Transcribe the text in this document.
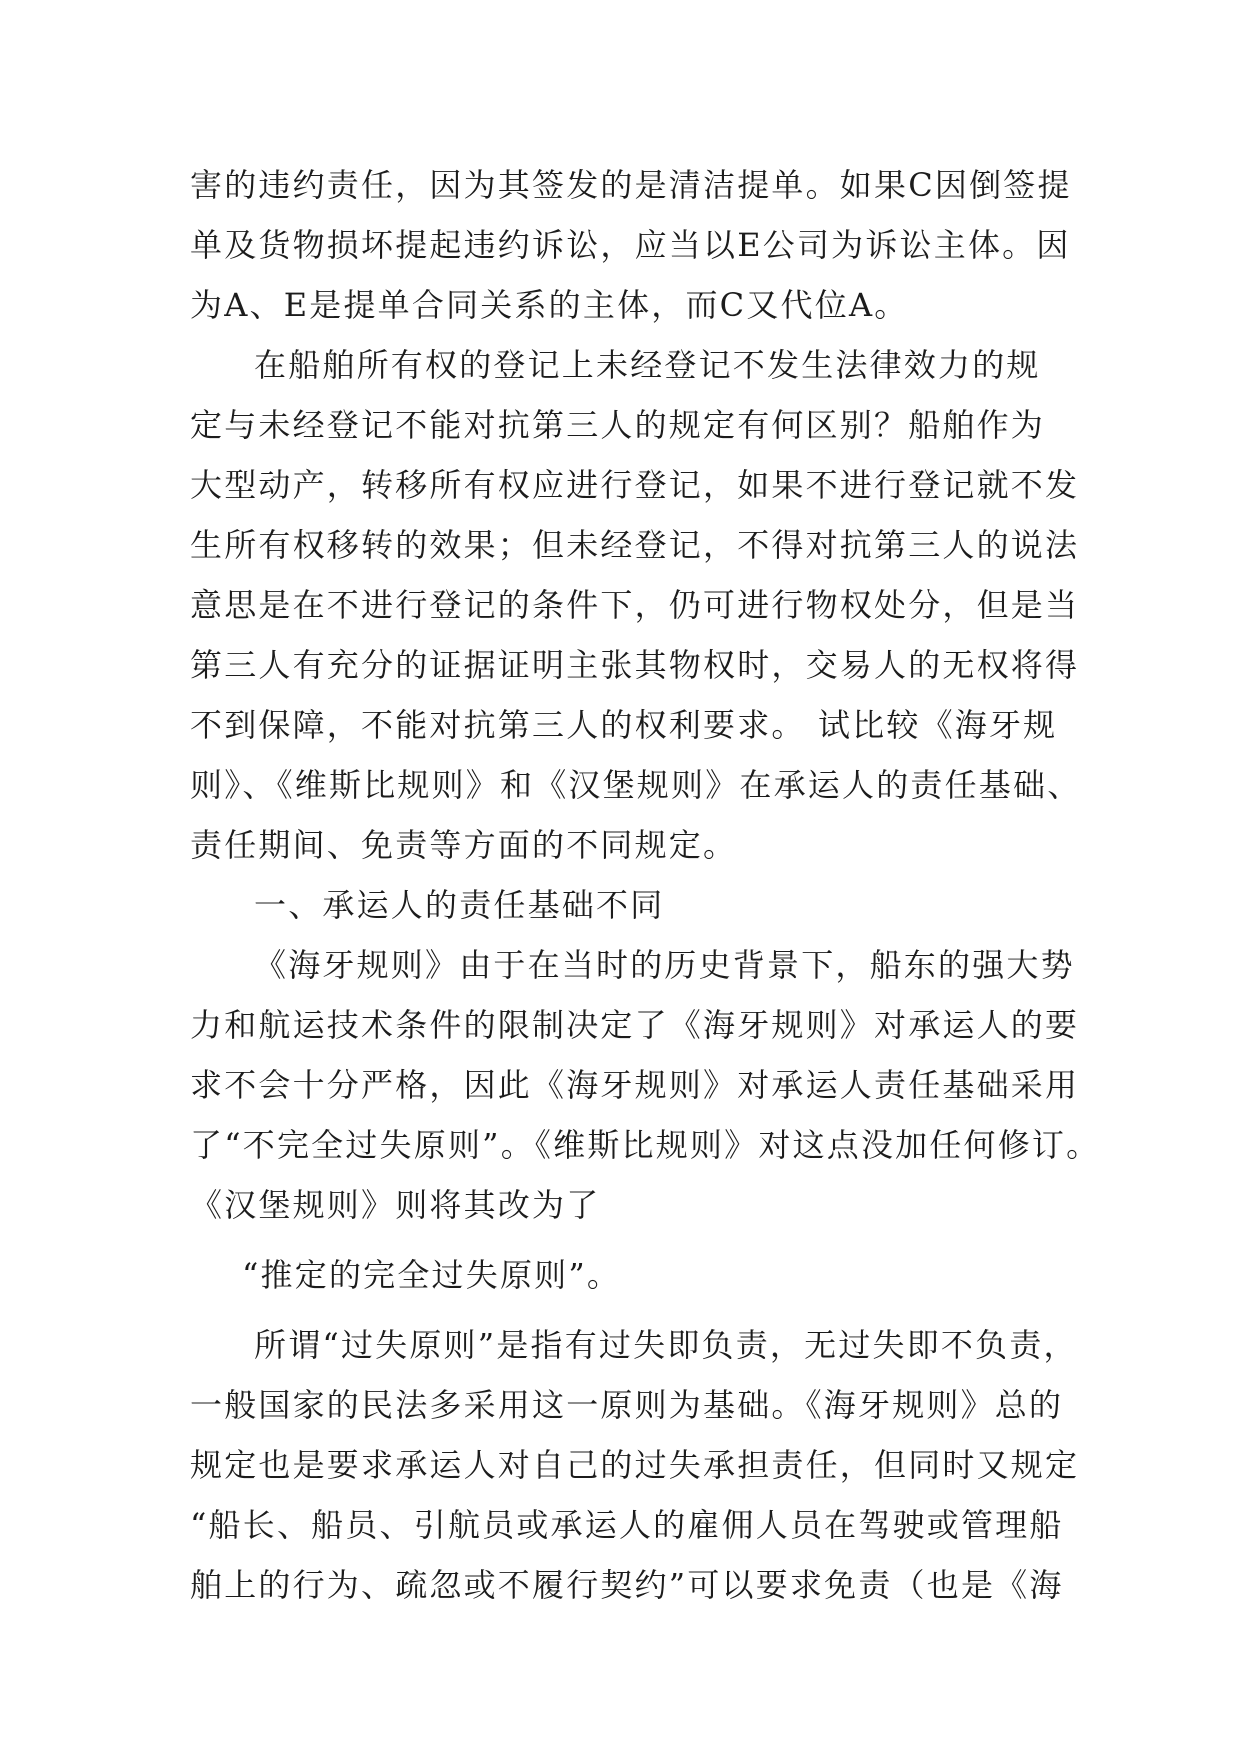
害的违约责任，因为其签发的是清洁提单。如果C因倒签提
单及货物损坏提起违约诉讼，应当以E公司为诉讼主体。因
为A、E是提单合同关系的主体，而C又代位A。
在船舶所有权的登记上未经登记不发生法律效力的规
定与未经登记不能对抗第三人的规定有何区别？船舶作为
大型动产，转移所有权应进行登记，如果不进行登记就不发
生所有权移转的效果；但未经登记，不得对抗第三人的说法
意思是在不进行登记的条件下，仍可进行物权处分，但是当
第三人有充分的证据证明主张其物权时，交易人的无权将得
不到保障，不能对抗第三人的权利要求。 试比较《海牙规
则》、《维斯比规则》和《汉堡规则》在承运人的责任基础、
责任期间、免责等方面的不同规定。
一、承运人的责任基础不同
《海牙规则》由于在当时的历史背景下，船东的强大势
力和航运技术条件的限制决定了《海牙规则》对承运人的要
求不会十分严格，因此《海牙规则》对承运人责任基础采用
了“不完全过失原则”。《维斯比规则》对这点没加任何修订。
《汉堡规则》则将其改为了
“推定的完全过失原则”。
所谓“过失原则”是指有过失即负责，无过失即不负责，
一般国家的民法多采用这一原则为基础。《海牙规则》总的
规定也是要求承运人对自己的过失承担责任，但同时又规定
“船长、船员、引航员或承运人的雇佣人员在驾驶或管理船
舶上的行为、疏忽或不履行契约”可以要求免责（也是《海
